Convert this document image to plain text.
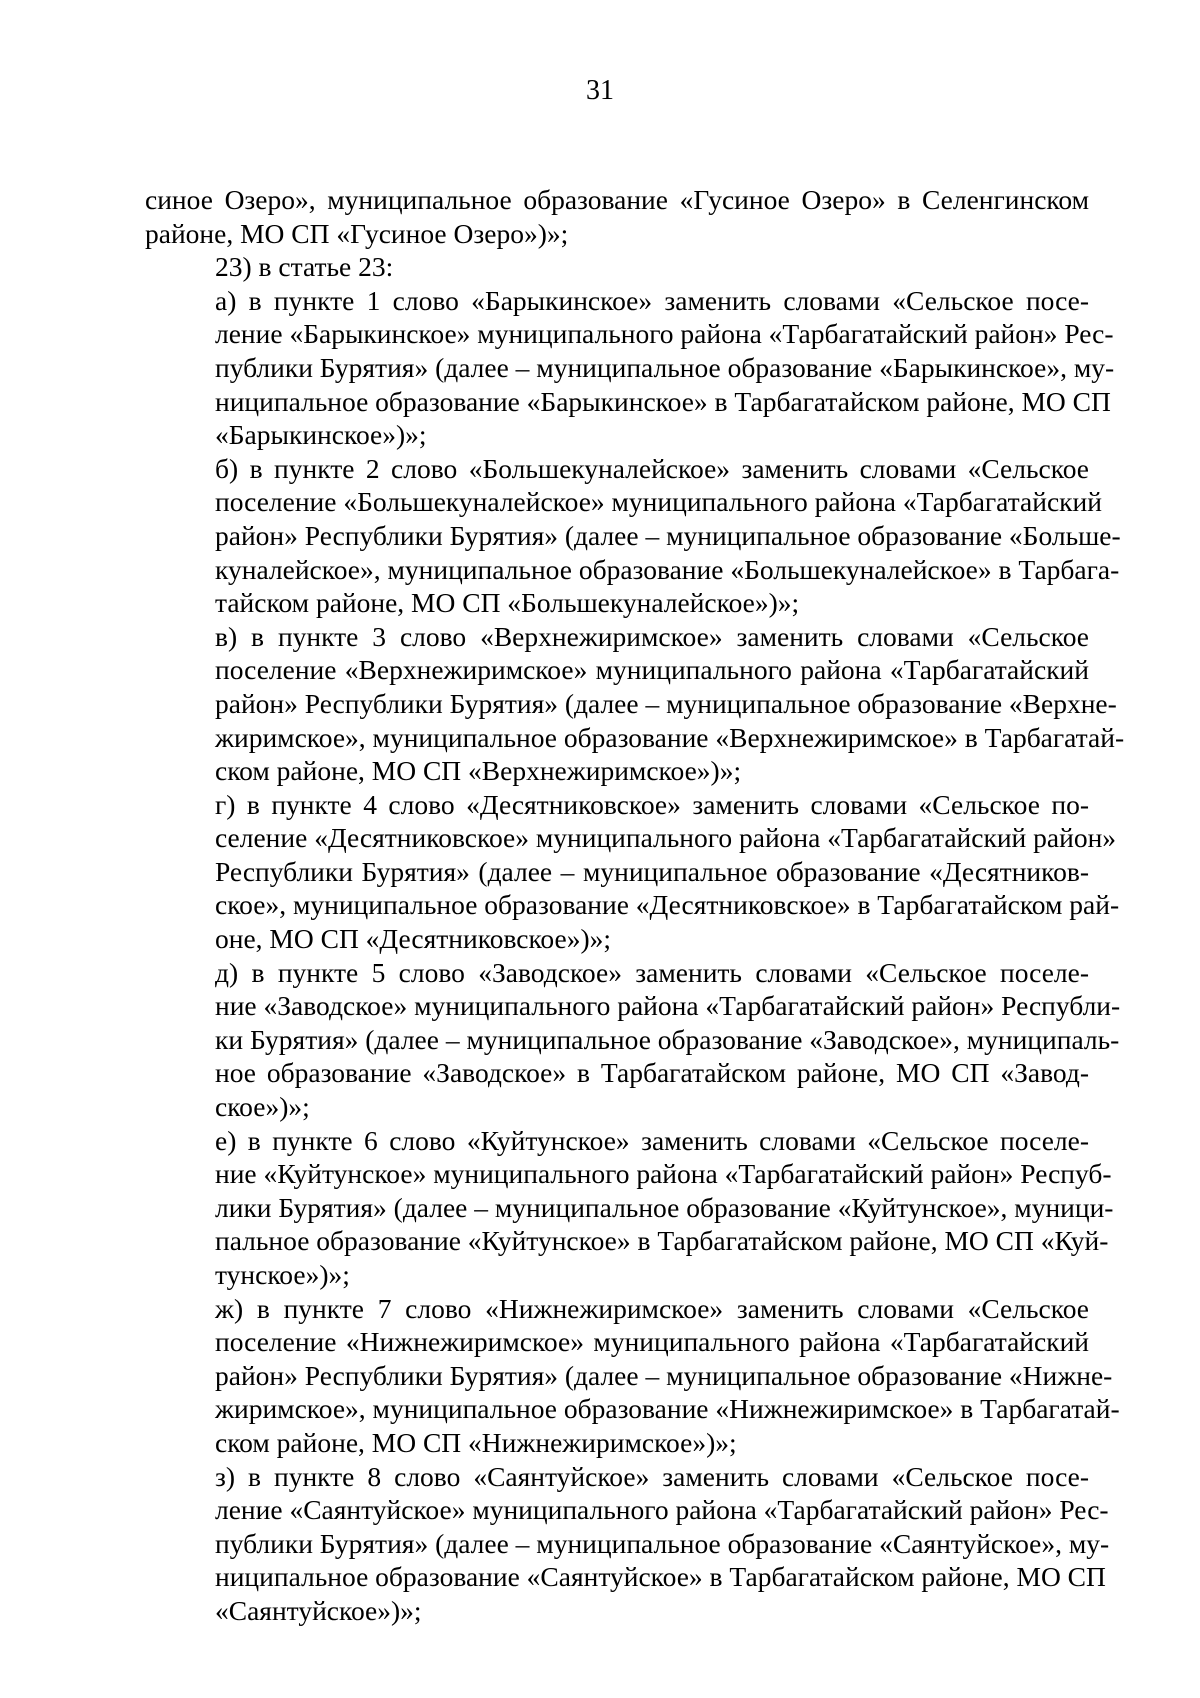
31

синое Озеро», муниципальное образование «Гусиное Озеро» в Селенгинском
районе, МО СП «Гусиное Озеро»)»;

23) в статье 23:

а) в пункте 1 слово «Барыкинское» заменить словами «Сельское посе-
ление «Барыкинское» муниципального района «Тарбагатайский район» Рес-
публики Бурятия» (далее – муниципальное образование «Барыкинское», му-
ниципальное образование «Барыкинское» в Тарбагатайском районе, МО СП
«Барыкинское»)»;

б) в пункте 2 слово «Большекуналейское» заменить словами «Сельское
поселение «Большекуналейское» муниципального района «Тарбагатайский
район» Республики Бурятия» (далее – муниципальное образование «Больше-
куналейское», муниципальное образование «Большекуналейское» в Тарбага-
тайском районе, МО СП «Большекуналейское»)»;

в) в пункте 3 слово «Верхнежиримское» заменить словами «Сельское
поселение «Верхнежиримское» муниципального района «Тарбагатайский
район» Республики Бурятия» (далее – муниципальное образование «Верхне-
жиримское», муниципальное образование «Верхнежиримское» в Тарбагатай-
ском районе, МО СП «Верхнежиримское»)»;

г) в пункте 4 слово «Десятниковское» заменить словами «Сельское по-
селение «Десятниковское» муниципального района «Тарбагатайский район»
Республики Бурятия» (далее – муниципальное образование «Десятников-
ское», муниципальное образование «Десятниковское» в Тарбагатайском рай-
оне, МО СП «Десятниковское»)»;

д) в пункте 5 слово «Заводское» заменить словами «Сельское поселе-
ние «Заводское» муниципального района «Тарбагатайский район» Республи-
ки Бурятия» (далее – муниципальное образование «Заводское», муниципаль-
ное образование «Заводское» в Тарбагатайском районе, МО СП «Завод-
ское»)»;

е) в пункте 6 слово «Куйтунское» заменить словами «Сельское поселе-
ние «Куйтунское» муниципального района «Тарбагатайский район» Респуб-
лики Бурятия» (далее – муниципальное образование «Куйтунское», муници-
пальное образование «Куйтунское» в Тарбагатайском районе, МО СП «Куй-
тунское»)»;

ж) в пункте 7 слово «Нижнежиримское» заменить словами «Сельское
поселение «Нижнежиримское» муниципального района «Тарбагатайский
район» Республики Бурятия» (далее – муниципальное образование «Нижне-
жиримское», муниципальное образование «Нижнежиримское» в Тарбагатай-
ском районе, МО СП «Нижнежиримское»)»;

з) в пункте 8 слово «Саянтуйское» заменить словами «Сельское посе-
ление «Саянтуйское» муниципального района «Тарбагатайский район» Рес-
публики Бурятия» (далее – муниципальное образование «Саянтуйское», му-
ниципальное образование «Саянтуйское» в Тарбагатайском районе, МО СП
«Саянтуйское»)»;
